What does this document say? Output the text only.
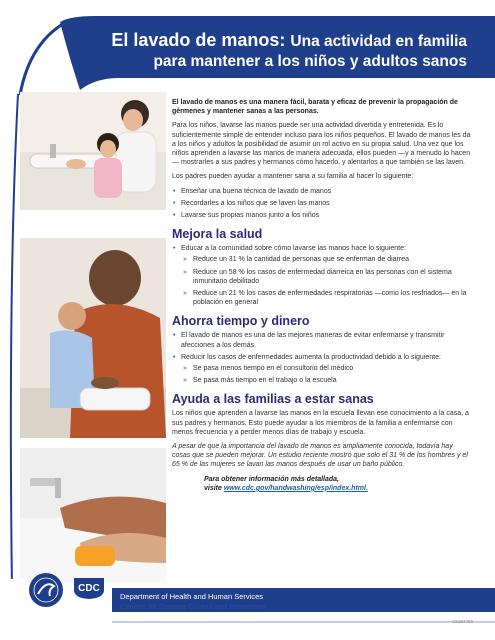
El lavado de manos: Una actividad en familia
para mantener a los niños y adultos sanos

El lavado de manos es una manera fácil, barata y eficaz de prevenir la propagación de gérmenes y mantener sanas a las personas.

Para los niños, lavarse las manos puede ser una actividad divertida y entretenida. Es lo suficientemente simple de entender incluso para los niños pequeños. El lavado de manos les da a los niños y adultos la posibilidad de asumir un rol activo en su propia salud. Una vez que los niños aprenden a lavarse las manos de manera adecuada, ellos pueden —y a menudo lo hacen— mostrarles a sus padres y hermanos cómo hacerlo, y alentarlos a que también se las laven.

Los padres pueden ayudar a mantener sana a su familia al hacer lo siguiente:

• Enseñar una buena técnica de lavado de manos
• Recordarles a los niños que se laven las manos
• Lavarse sus propias manos junto a los niños
Mejora la salud
• Educar a la comunidad sobre cómo lavarse las manos hace lo siguiente:
» Reduce un 31 % la cantidad de personas que se enferman de diarrea
» Reduce un 58 % los casos de enfermedad diarreica en las personas con el sistema inmunitario debilitado
» Reduce un 21 % los casos de enfermedades respiratorias —como los resfriados— en la población en general
Ahorra tiempo y dinero
• El lavado de manos es una de las mejores maneras de evitar enfermarse y transmitir afecciones a los demás.
• Reducir los casos de enfermedades aumenta la productividad debido a lo siguiente:
» Se pasa menos tiempo en el consultorio del médico
» Se pasa más tiempo en el trabajo o la escuela
Ayuda a las familias a estar sanas

Los niños que aprenden a lavarse las manos en la escuela llevan ese conocimiento a la casa, a sus padres y hermanos. Esto puede ayudar a los miembros de la familia a enfermarse con menos frecuencia y a perder menos días de trabajo y escuela.

A pesar de que la importancia del lavado de manos es ampliamente conocida, todavía hay cosas que se pueden mejorar. Un estudio reciente mostró que solo el 31 % de los hombres y el 65 % de las mujeres se lavan las manos después de usar un baño público.

Para obtener información más detallada,
visite www.cdc.gov/handwashing/esp/index.html.
CDC
Department of Health and Human Services
Centers for Disease Control and Prevention
CS294790
